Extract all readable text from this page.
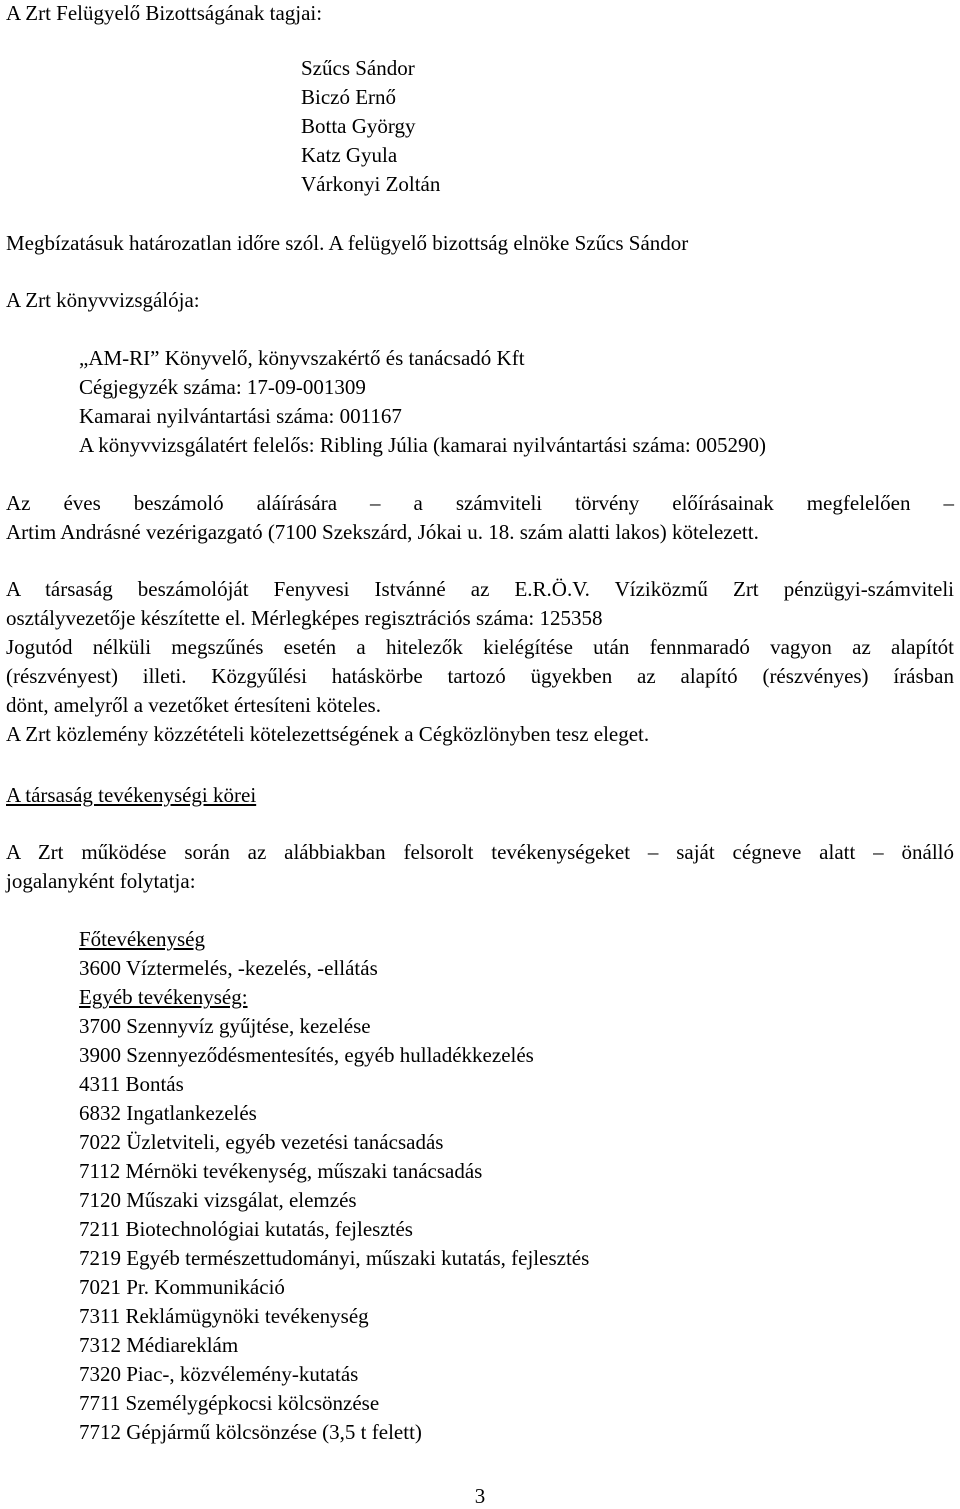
A Zrt Felügyelő Bizottságának tagjai:
Szűcs Sándor
Biczó Ernő
Botta György
Katz Gyula
Várkonyi Zoltán
Megbízatásuk határozatlan időre szól. A felügyelő bizottság elnöke Szűcs Sándor
A Zrt könyvvizsgálója:
„AM-RI” Könyvelő, könyvszakértő és tanácsadó Kft
Cégjegyzék száma: 17-09-001309
Kamarai nyilvántartási száma: 001167
A könyvvizsgálatért felelős: Ribling Júlia (kamarai nyilvántartási száma: 005290)
Az éves beszámoló aláírására – a számviteli törvény előírásainak megfelelően –
Artim Andrásné vezérigazgató (7100 Szekszárd, Jókai u. 18. szám alatti lakos) kötelezett.
A társaság beszámolóját Fenyvesi Istvánné az E.R.Ö.V. Víziközmű Zrt pénzügyi-számviteli
osztályvezetője készítette el. Mérlegképes regisztrációs száma: 125358
Jogutód nélküli megszűnés esetén a hitelezők kielégítése után fennmaradó vagyon az alapítót
(részvényest) illeti. Közgyűlési hatáskörbe tartozó ügyekben az alapító (részvényes) írásban
dönt, amelyről a vezetőket értesíteni köteles.
A Zrt közlemény közzétételi kötelezettségének a Cégközlönyben tesz eleget.
A társaság tevékenységi körei
A Zrt működése során az alábbiakban felsorolt tevékenységeket – saját cégneve alatt – önálló
jogalanyként folytatja:
Főtevékenység
3600 Víztermelés, -kezelés, -ellátás
Egyéb tevékenység:
3700 Szennyvíz gyűjtése, kezelése
3900 Szennyeződésmentesítés, egyéb hulladékkezelés
4311 Bontás
6832 Ingatlankezelés
7022 Üzletviteli, egyéb vezetési tanácsadás
7112 Mérnöki tevékenység, műszaki tanácsadás
7120 Műszaki vizsgálat, elemzés
7211 Biotechnológiai kutatás, fejlesztés
7219 Egyéb természettudományi, műszaki kutatás, fejlesztés
7021 Pr. Kommunikáció
7311 Reklámügynöki tevékenység
7312 Médiareklám
7320 Piac-, közvélemény-kutatás
7711 Személygépkocsi kölcsönzése
7712 Gépjármű kölcsönzése (3,5 t felett)
3
